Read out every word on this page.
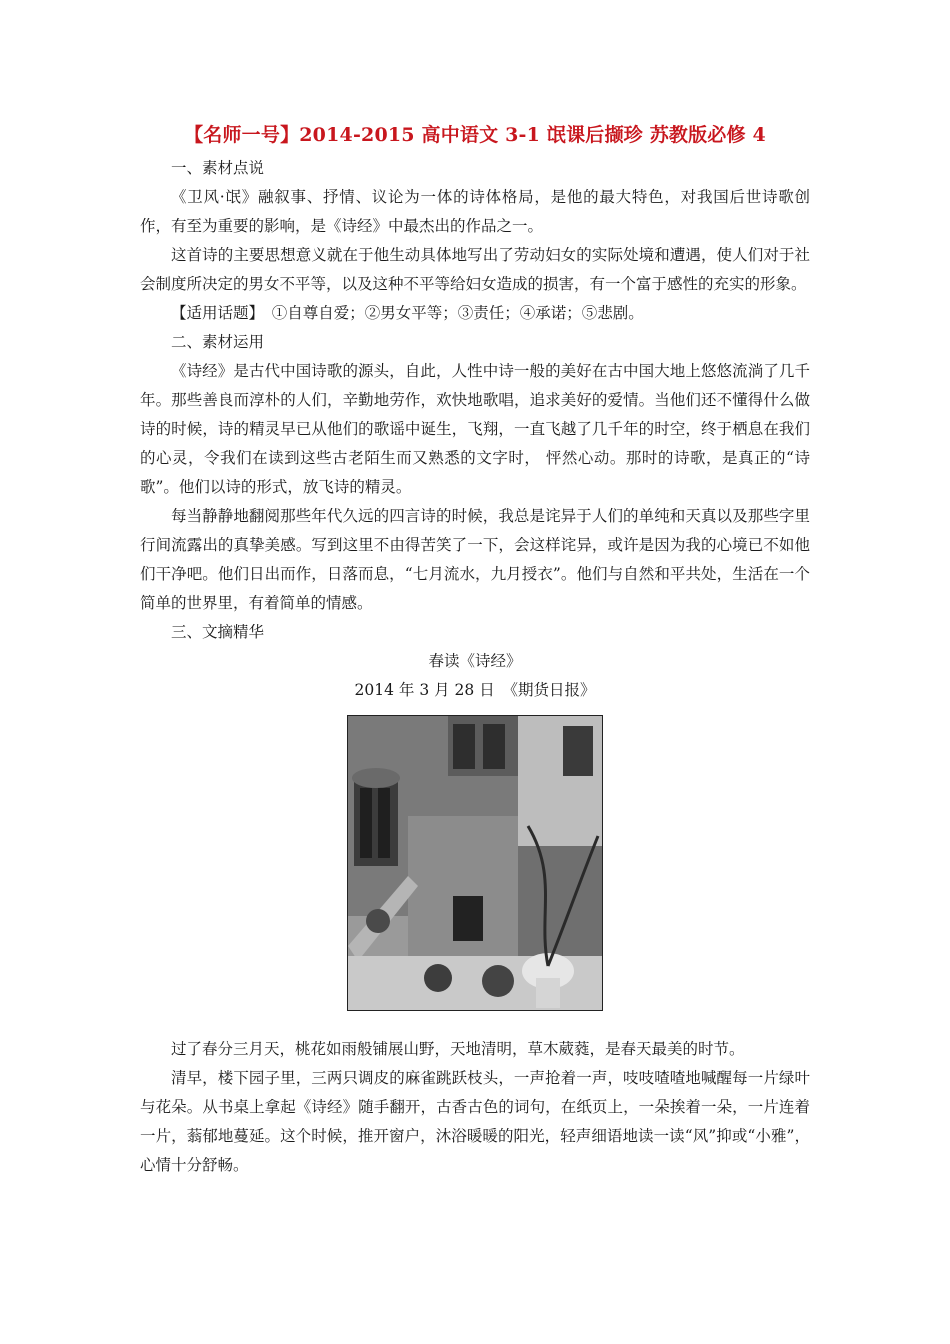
【名师一号】2014-2015 高中语文 3-1 氓课后撷珍 苏教版必修 4

一、素材点说

《卫风·氓》融叙事、抒情、议论为一体的诗体格局，是他的最大特色，对我国后世诗歌创作，有至为重要的影响，是《诗经》中最杰出的作品之一。

这首诗的主要思想意义就在于他生动具体地写出了劳动妇女的实际处境和遭遇，使人们对于社会制度所决定的男女不平等，以及这种不平等给妇女造成的损害，有一个富于感性的充实的形象。

【适用话题】　①自尊自爱；②男女平等；③责任；④承诺；⑤悲剧。

二、素材运用

《诗经》是古代中国诗歌的源头，自此，人性中诗一般的美好在古中国大地上悠悠流淌了几千年。那些善良而淳朴的人们，辛勤地劳作，欢快地歌唱，追求美好的爱情。当他们还不懂得什么做诗的时候，诗的精灵早已从他们的歌谣中诞生，飞翔，一直飞越了几千年的时空，终于栖息在我们的心灵，令我们在读到这些古老陌生而又熟悉的文字时， 怦然心动。那时的诗歌，是真正的“诗歌”。他们以诗的形式，放飞诗的精灵。

每当静静地翻阅那些年代久远的四言诗的时候，我总是诧异于人们的单纯和天真以及那些字里行间流露出的真挚美感。写到这里不由得苦笑了一下，会这样诧异，或许是因为我的心境已不如他们干净吧。他们日出而作，日落而息，“七月流水，九月授衣”。他们与自然和平共处，生活在一个简单的世界里，有着简单的情感。

三、文摘精华

春读《诗经》

2014 年 3 月 28 日　《期货日报》

过了春分三月天，桃花如雨般铺展山野，天地清明，草木葳蕤，是春天最美的时节。

清早，楼下园子里，三两只调皮的麻雀跳跃枝头，一声抢着一声，吱吱喳喳地喊醒每一片绿叶与花朵。从书桌上拿起《诗经》随手翻开，古香古色的词句，在纸页上，一朵挨着一朵，一片连着一片，蓊郁地蔓延。这个时候，推开窗户，沐浴暖暖的阳光，轻声细语地读一读“风”抑或“小雅”，心情十分舒畅。
